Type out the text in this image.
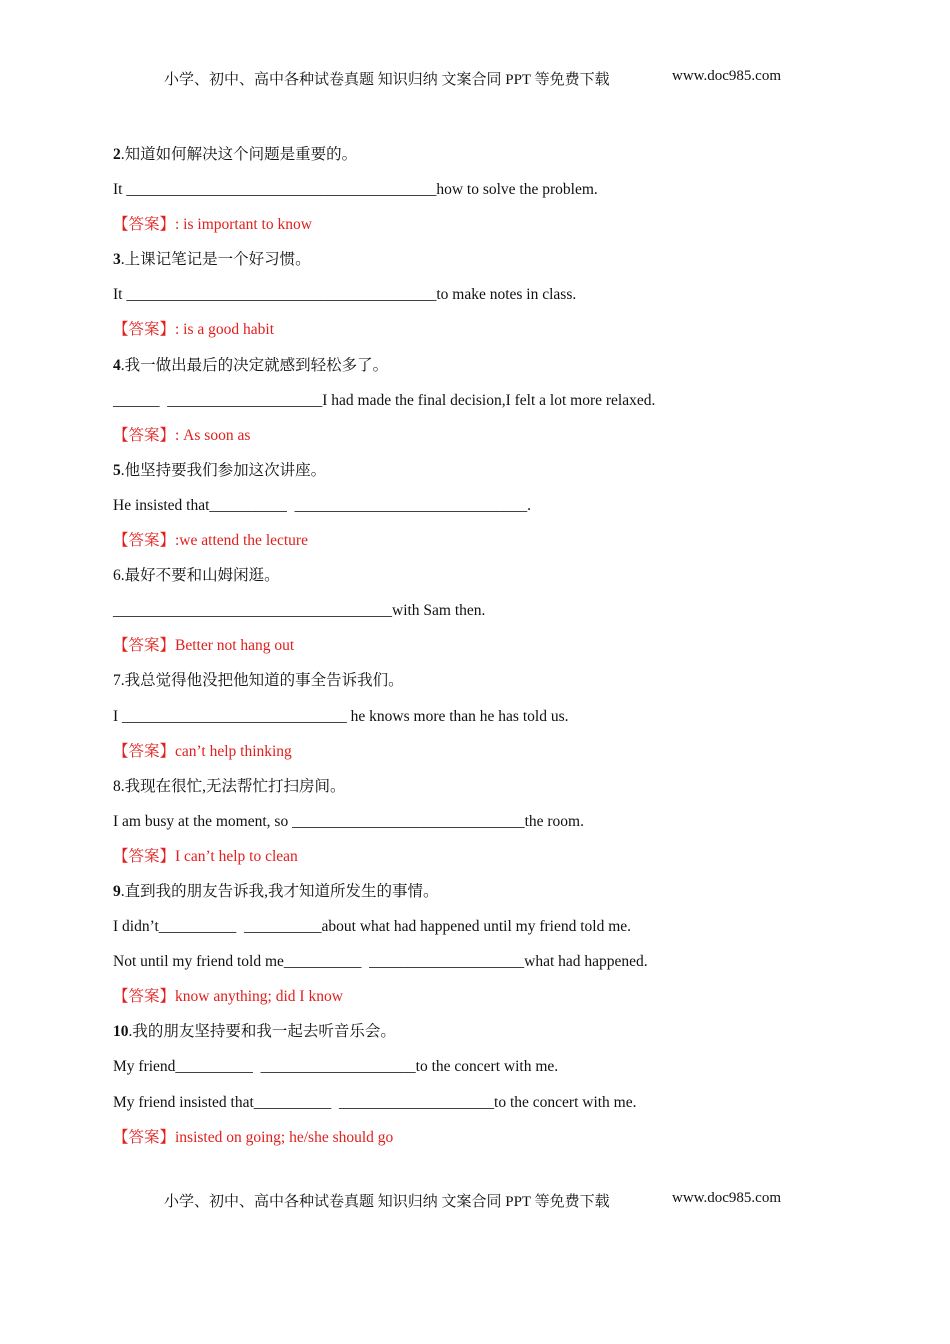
小学、初中、高中各种试卷真题 知识归纳 文案合同 PPT 等免费下载	www.doc985.com
2.知道如何解决这个问题是重要的。
It ________________________________________how to solve the problem.
【答案】: is important to know
3.上课记笔记是一个好习惯。
It ________________________________________to make notes in class.
【答案】: is a good habit
4.我一做出最后的决定就感到轻松多了。
______  ____________________I had made the final decision,I felt a lot more relaxed.
【答案】: As soon as
5.他坚持要我们参加这次讲座。
He insisted that__________  ______________________________.
【答案】:we attend the lecture
6.最好不要和山姆闲逛。
____________________________________with Sam then.
【答案】Better not hang out
7.我总觉得他没把他知道的事全告诉我们。
I _____________________________ he knows more than he has told us.
【答案】can’t help thinking
8.我现在很忙,无法帮忙打扫房间。
I am busy at the moment, so ______________________________the room.
【答案】I can’t help to clean
9.直到我的朋友告诉我,我才知道所发生的事情。
I didn’t__________  __________about what had happened until my friend told me.
Not until my friend told me__________  ____________________what had happened.
【答案】know anything; did I know
10.我的朋友坚持要和我一起去听音乐会。
My friend__________  ____________________to the concert with me.
My friend insisted that__________  ____________________to the concert with me.
【答案】insisted on going; he/she should go
小学、初中、高中各种试卷真题 知识归纳 文案合同 PPT 等免费下载	www.doc985.com
